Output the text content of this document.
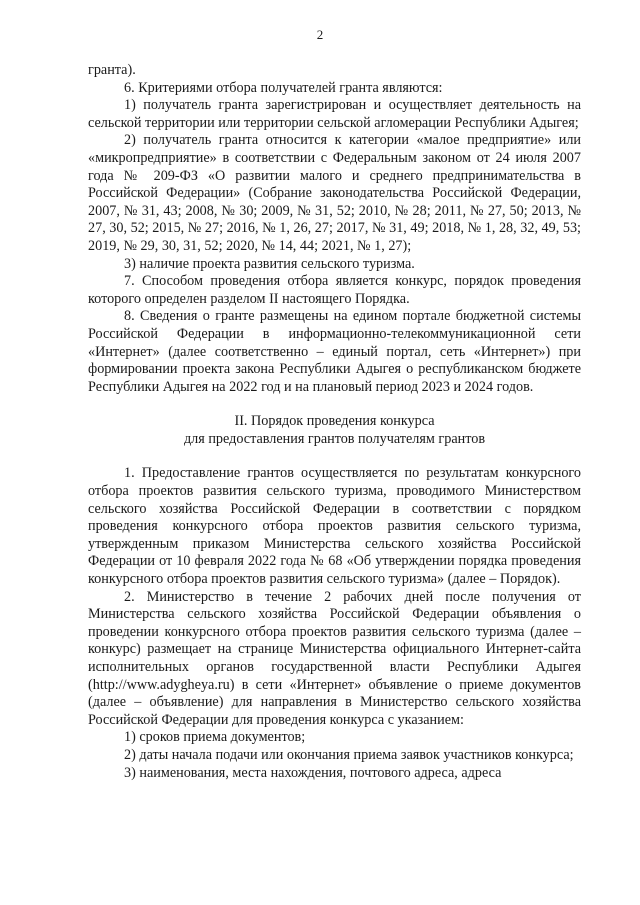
2

гранта).

6. Критериями отбора получателей гранта являются:

1) получатель гранта зарегистрирован и осуществляет деятельность на сельской территории или территории сельской агломерации Республики Адыгея;

2) получатель гранта относится к категории «малое предприятие» или «микропредприятие» в соответствии с Федеральным законом от 24 июля 2007 года № 209-ФЗ «О развитии малого и среднего предпринимательства в Российской Федерации» (Собрание законодательства Российской Федерации, 2007, № 31, 43; 2008, № 30; 2009, № 31, 52; 2010, № 28; 2011, № 27, 50; 2013, № 27, 30, 52; 2015, № 27; 2016, № 1, 26, 27; 2017, № 31, 49; 2018, № 1, 28, 32, 49, 53; 2019, № 29, 30, 31, 52; 2020, № 14, 44; 2021, № 1, 27);

3) наличие проекта развития сельского туризма.

7. Способом проведения отбора является конкурс, порядок проведения которого определен разделом II настоящего Порядка.

8. Сведения о гранте размещены на едином портале бюджетной системы Российской Федерации в информационно-телекоммуникационной сети «Интернет» (далее соответственно – единый портал, сеть «Интернет») при формировании проекта закона Республики Адыгея о республиканском бюджете Республики Адыгея на 2022 год и на плановый период 2023 и 2024 годов.

II. Порядок проведения конкурса
для предоставления грантов получателям грантов

1. Предоставление грантов осуществляется по результатам конкурсного отбора проектов развития сельского туризма, проводимого Министерством сельского хозяйства Российской Федерации в соответствии с порядком проведения конкурсного отбора проектов развития сельского туризма, утвержденным приказом Министерства сельского хозяйства Российской Федерации от 10 февраля 2022 года № 68 «Об утверждении порядка проведения конкурсного отбора проектов развития сельского туризма» (далее – Порядок).

2. Министерство в течение 2 рабочих дней после получения от Министерства сельского хозяйства Российской Федерации объявления о проведении конкурсного отбора проектов развития сельского туризма (далее – конкурс) размещает на странице Министерства официального Интернет-сайта исполнительных органов государственной власти Республики Адыгея (http://www.adygheya.ru) в сети «Интернет» объявление о приеме документов (далее – объявление) для направления в Министерство сельского хозяйства Российской Федерации для проведения конкурса с указанием:

1) сроков приема документов;

2) даты начала подачи или окончания приема заявок участников конкурса;

3) наименования, места нахождения, почтового адреса, адреса
